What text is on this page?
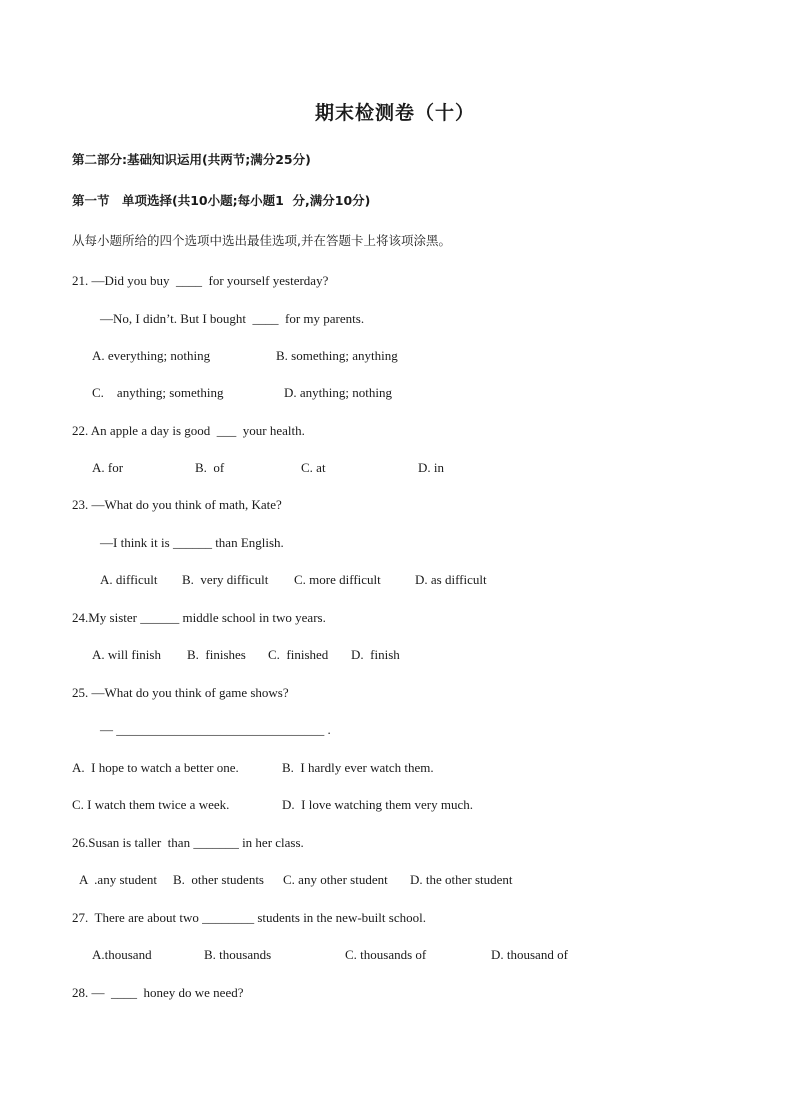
期末检测卷（十）
第二部分:基础知识运用(共两节;满分25分)
第一节　单项选择(共10小题;每小题1  分,满分10分)
从每小题所给的四个选项中选出最佳选项,并在答题卡上将该项涂黑。
21. —Did you buy  ____  for yourself yesterday?
—No, I didn’t. But I bought  ____  for my parents.
A. everything; nothing	B. something; anything
C.    anything; something	D. anything; nothing
22. An apple a day is good  ___  your health.
A. for	B.  of	C. at	D. in
23. —What do you think of math, Kate?
—I think it is ______ than English.
A. difficult B.  very difficult C. more difficult	D. as difficult
24.My sister ______ middle school in two years.
A. will finish B.  finishes C.  finished D.  finish
25. —What do you think of game shows?
— ________________________________ .
A.  I hope to watch a better one.	B.  I hardly ever watch them.
C. I watch them twice a week.	D.  I love watching them very much.
26.Susan is taller  than _______ in her class.
A  .any student B.  other students C. any other student D. the other student
27.  There are about two ________ students in the new-built school.
A.thousand	B. thousands	C. thousands of	D. thousand of
28. —  ____  honey do we need?
